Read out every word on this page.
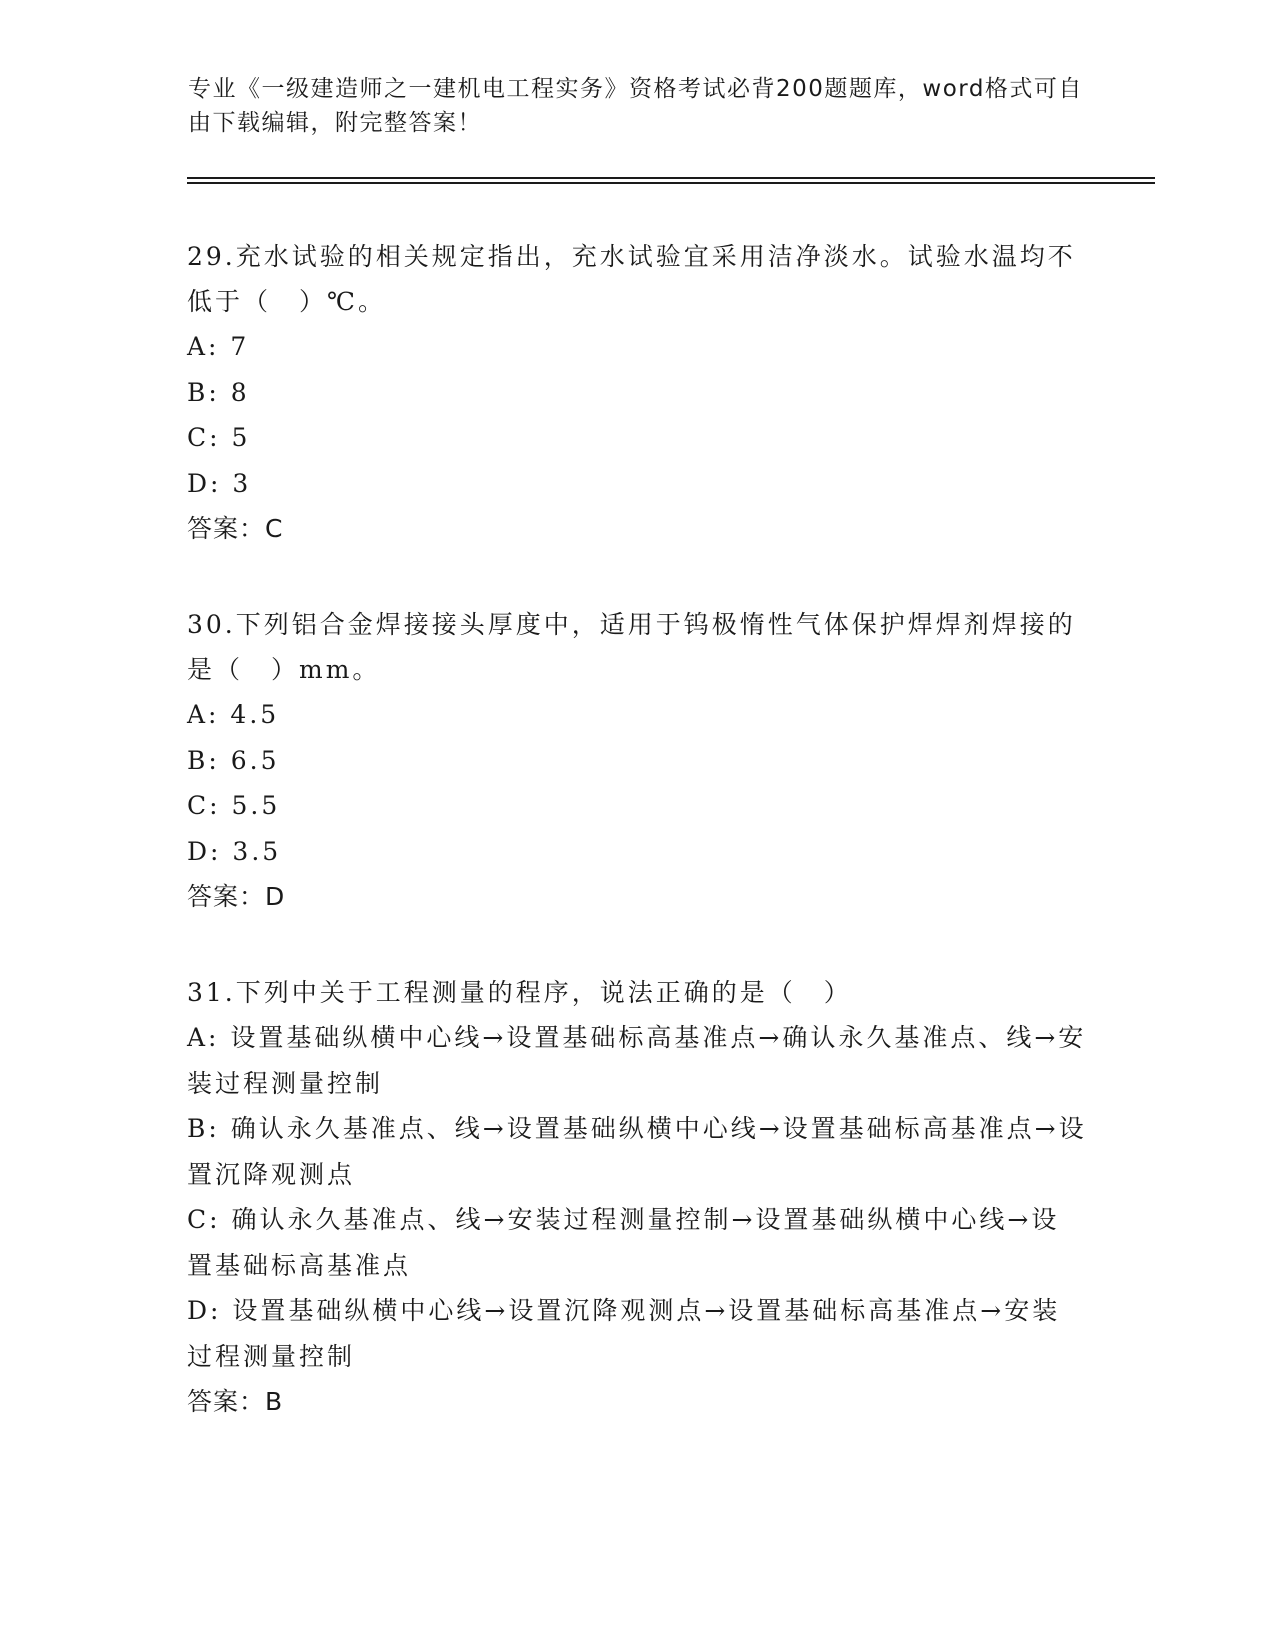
专业《一级建造师之一建机电工程实务》资格考试必背200题题库，word格式可自由下载编辑，附完整答案！
29.充水试验的相关规定指出，充水试验宜采用洁净淡水。试验水温均不低于（　）℃。
A: 7
B: 8
C: 5
D: 3
答案：C
30.下列铝合金焊接接头厚度中，适用于钨极惰性气体保护焊焊剂焊接的是（　）mm。
A: 4.5
B: 6.5
C: 5.5
D: 3.5
答案：D
31.下列中关于工程测量的程序，说法正确的是（　）
A: 设置基础纵横中心线→设置基础标高基准点→确认永久基准点、线→安装过程测量控制
B: 确认永久基准点、线→设置基础纵横中心线→设置基础标高基准点→设置沉降观测点
C: 确认永久基准点、线→安装过程测量控制→设置基础纵横中心线→设置基础标高基准点
D: 设置基础纵横中心线→设置沉降观测点→设置基础标高基准点→安装过程测量控制
答案：B
